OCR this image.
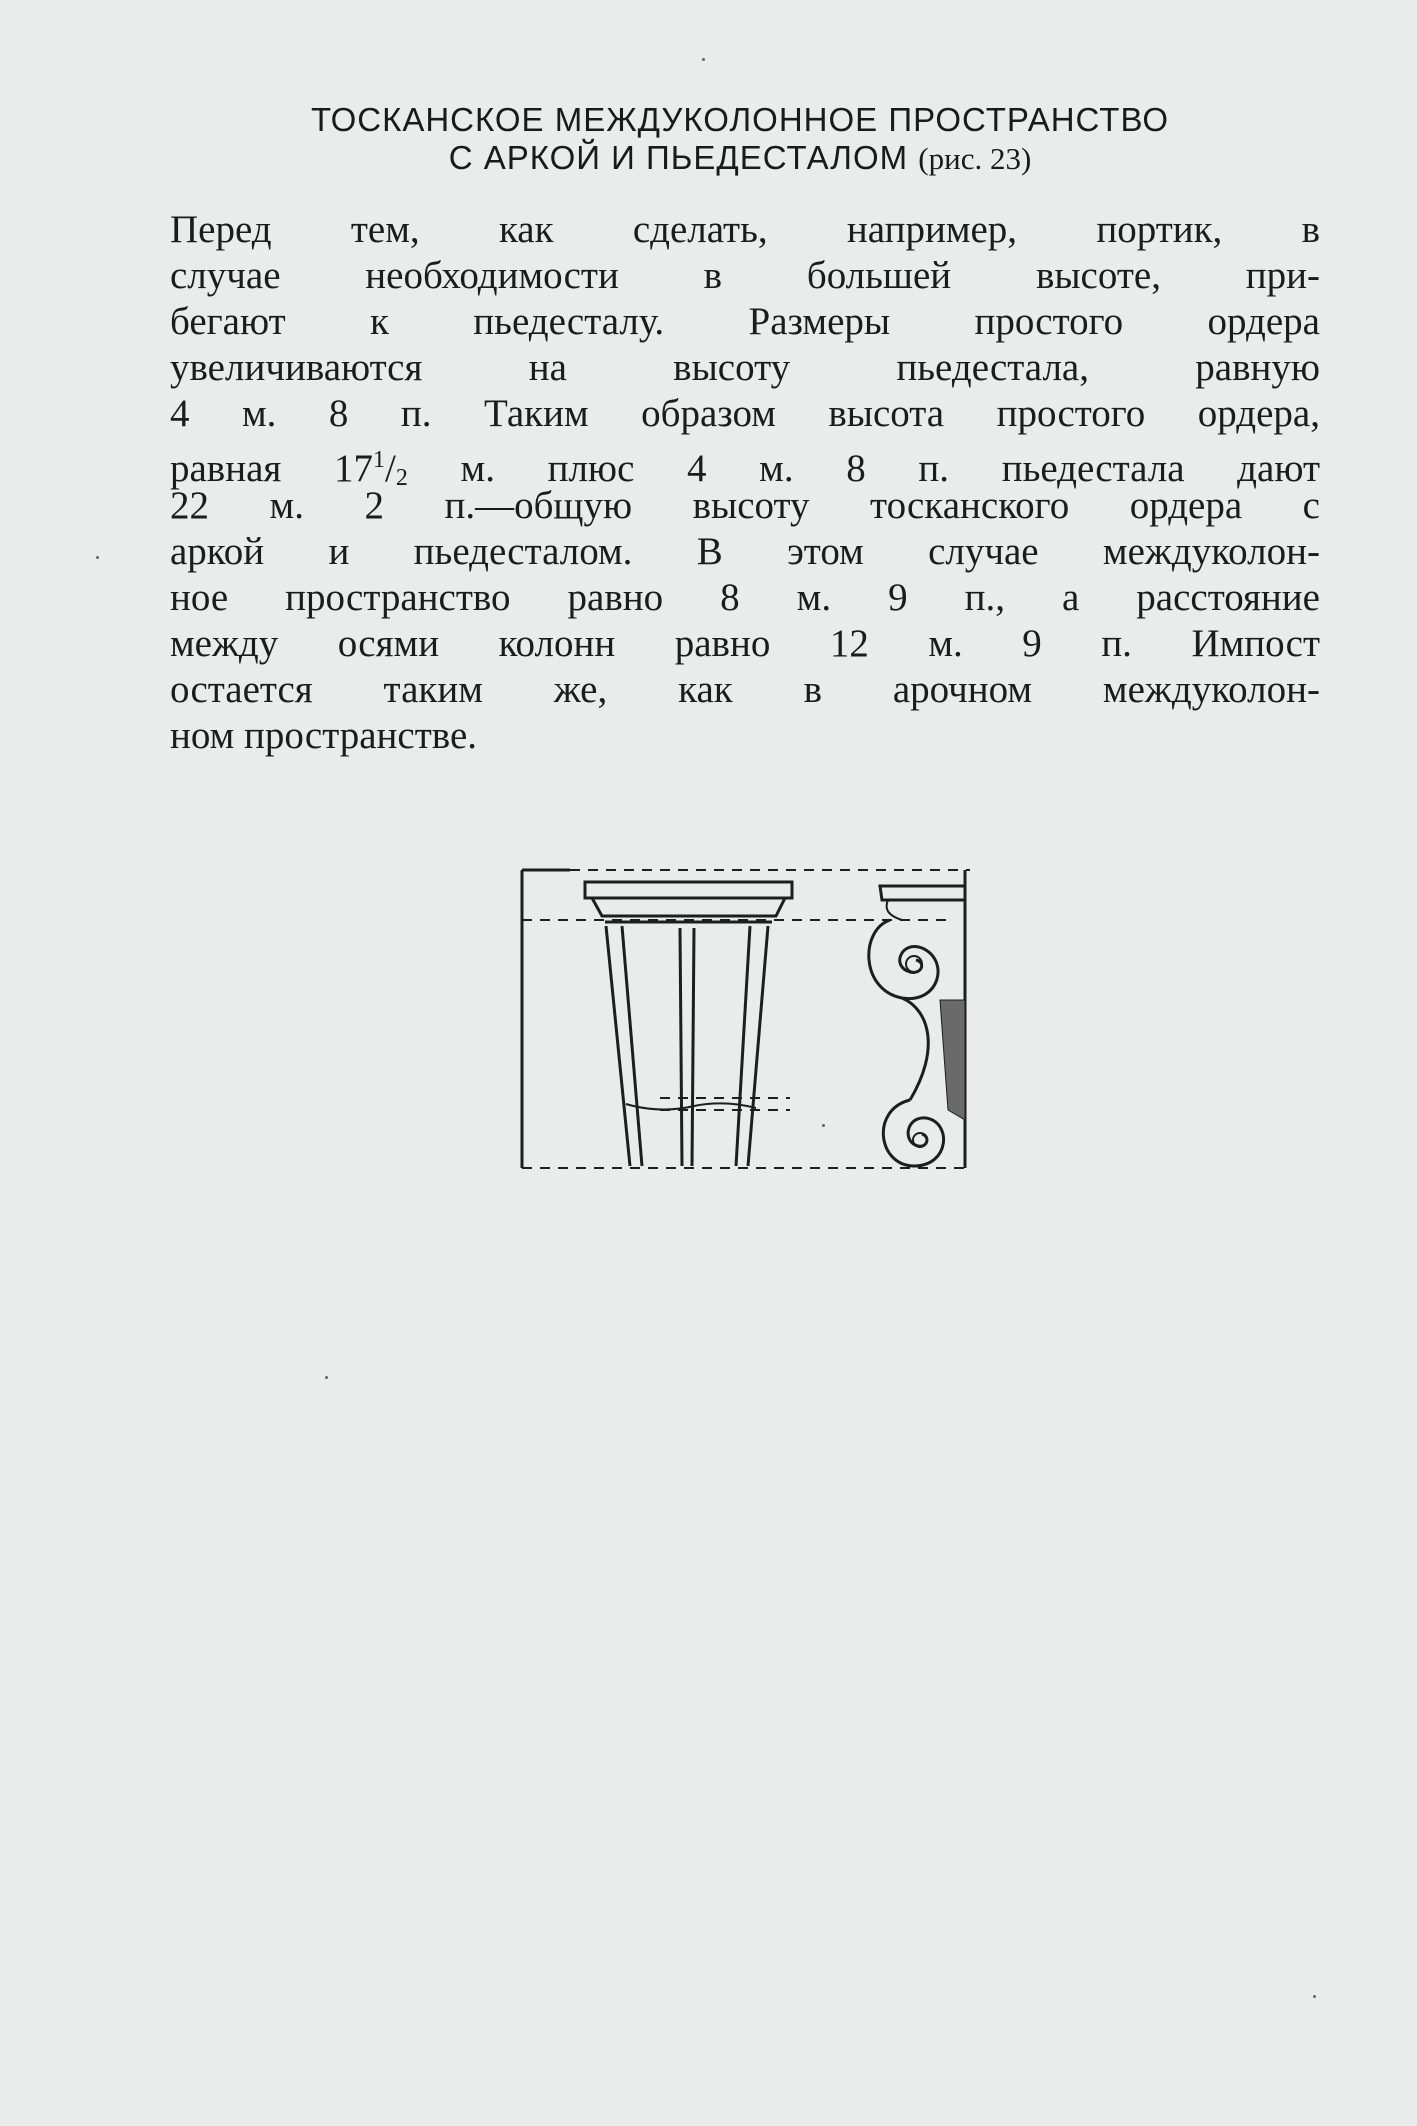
ТОСКАНСКОЕ МЕЖДУКОЛОННОЕ ПРОСТРАНСТВО
С АРКОЙ И ПЬЕДЕСТАЛОМ (рис. 23)
Перед тем, как сделать, например, портик, в
случае необходимости в большей высоте, при-
бегают к пьедесталу. Размеры простого ордера
увеличиваются на высоту пьедестала, равную
4 м. 8 п. Таким образом высота простого ордера,
равная $17^1/_2$ м. плюс 4 м. 8 п. пьедестала дают
22 м. 2 п.—общую высоту тосканского ордера с
аркой и пьедесталом. В этом случае междуколон-
ное пространство равно 8 м. 9 п., а расстояние
между осями колонн равно 12 м. 9 п. Импост
остается таким же, как в арочном междуколон-
ном пространстве.
